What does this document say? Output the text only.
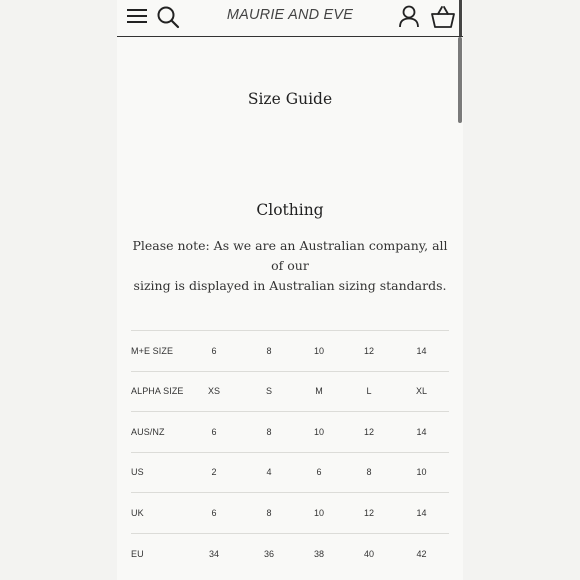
MAURIE AND EVE
Size Guide
Clothing
Please note: As we are an Australian company, all of our
sizing is displayed in Australian sizing standards.
M+E SIZE	6	8	10	12	14
ALPHA SIZE	XS	S	M	L	XL
AUS/NZ	6	8	10	12	14
US	2	4	6	8	10
UK	6	8	10	12	14
EU	34	36	38	40	42
